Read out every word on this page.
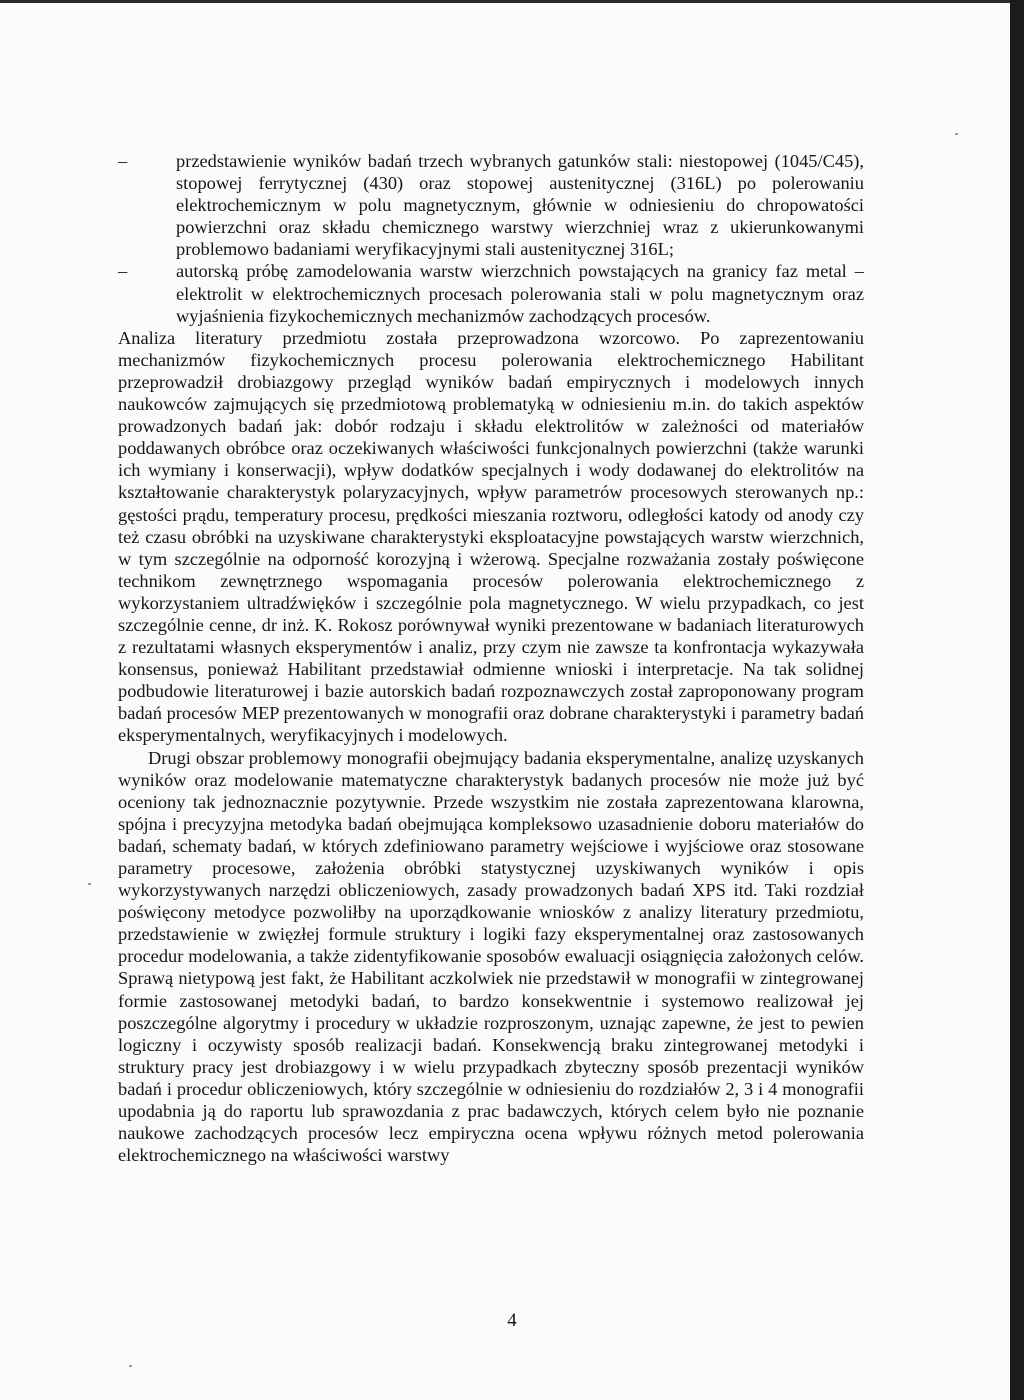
–	przedstawienie wyników badań trzech wybranych gatunków stali: niestopowej (1045/C45), stopowej ferrytycznej (430) oraz stopowej austenitycznej (316L) po polerowaniu elektrochemicznym w polu magnetycznym, głównie w odniesieniu do chropowatości powierzchni oraz składu chemicznego warstwy wierzchniej wraz z ukierunkowanymi problemowo badaniami weryfikacyjnymi stali austenitycznej 316L;
–	autorską próbę zamodelowania warstw wierzchnich powstających na granicy faz metal – elektrolit w elektrochemicznych procesach polerowania stali w polu magnetycznym oraz wyjaśnienia fizykochemicznych mechanizmów zachodzących procesów.

Analiza literatury przedmiotu została przeprowadzona wzorcowo. Po zaprezentowaniu mechanizmów fizykochemicznych procesu polerowania elektrochemicznego Habilitant przeprowadził drobiazgowy przegląd wyników badań empirycznych i modelowych innych naukowców zajmujących się przedmiotową problematyką w odniesieniu m.in. do takich aspektów prowadzonych badań jak: dobór rodzaju i składu elektrolitów w zależności od materiałów poddawanych obróbce oraz oczekiwanych właściwości funkcjonalnych powierzchni (także warunki ich wymiany i konserwacji), wpływ dodatków specjalnych i wody dodawanej do elektrolitów na kształtowanie charakterystyk polaryzacyjnych, wpływ parametrów procesowych sterowanych np.: gęstości prądu, temperatury procesu, prędkości mieszania roztworu, odległości katody od anody czy też czasu obróbki na uzyskiwane charakterystyki eksploatacyjne powstających warstw wierzchnich, w tym szczególnie na odporność korozyjną i wżerową. Specjalne rozważania zostały poświęcone technikom zewnętrznego wspomagania procesów polerowania elektrochemicznego z wykorzystaniem ultradźwięków i szczególnie pola magnetycznego. W wielu przypadkach, co jest szczególnie cenne, dr inż. K. Rokosz porównywał wyniki prezentowane w badaniach literaturowych z rezultatami własnych eksperymentów i analiz, przy czym nie zawsze ta konfrontacja wykazywała konsensus, ponieważ Habilitant przedstawiał odmienne wnioski i interpretacje. Na tak solidnej podbudowie literaturowej i bazie autorskich badań rozpoznawczych został zaproponowany program badań procesów MEP prezentowanych w monografii oraz dobrane charakterystyki i parametry badań eksperymentalnych, weryfikacyjnych i modelowych.

Drugi obszar problemowy monografii obejmujący badania eksperymentalne, analizę uzyskanych wyników oraz modelowanie matematyczne charakterystyk badanych procesów nie może już być oceniony tak jednoznacznie pozytywnie. Przede wszystkim nie została zaprezentowana klarowna, spójna i precyzyjna metodyka badań obejmująca kompleksowo uzasadnienie doboru materiałów do badań, schematy badań, w których zdefiniowano parametry wejściowe i wyjściowe oraz stosowane parametry procesowe, założenia obróbki statystycznej uzyskiwanych wyników i opis wykorzystywanych narzędzi obliczeniowych, zasady prowadzonych badań XPS itd. Taki rozdział poświęcony metodyce pozwoliłby na uporządkowanie wniosków z analizy literatury przedmiotu, przedstawienie w zwięzłej formule struktury i logiki fazy eksperymentalnej oraz zastosowanych procedur modelowania, a także zidentyfikowanie sposobów ewaluacji osiągnięcia założonych celów. Sprawą nietypową jest fakt, że Habilitant aczkolwiek nie przedstawił w monografii w zintegrowanej formie zastosowanej metodyki badań, to bardzo konsekwentnie i systemowo realizował jej poszczególne algorytmy i procedury w układzie rozproszonym, uznając zapewne, że jest to pewien logiczny i oczywisty sposób realizacji badań. Konsekwencją braku zintegrowanej metodyki i struktury pracy jest drobiazgowy i w wielu przypadkach zbyteczny sposób prezentacji wyników badań i procedur obliczeniowych, który szczególnie w odniesieniu do rozdziałów 2, 3 i 4 monografii upodabnia ją do raportu lub sprawozdania z prac badawczych, których celem było nie poznanie naukowe zachodzących procesów lecz empiryczna ocena wpływu różnych metod polerowania elektrochemicznego na właściwości warstwy

4
